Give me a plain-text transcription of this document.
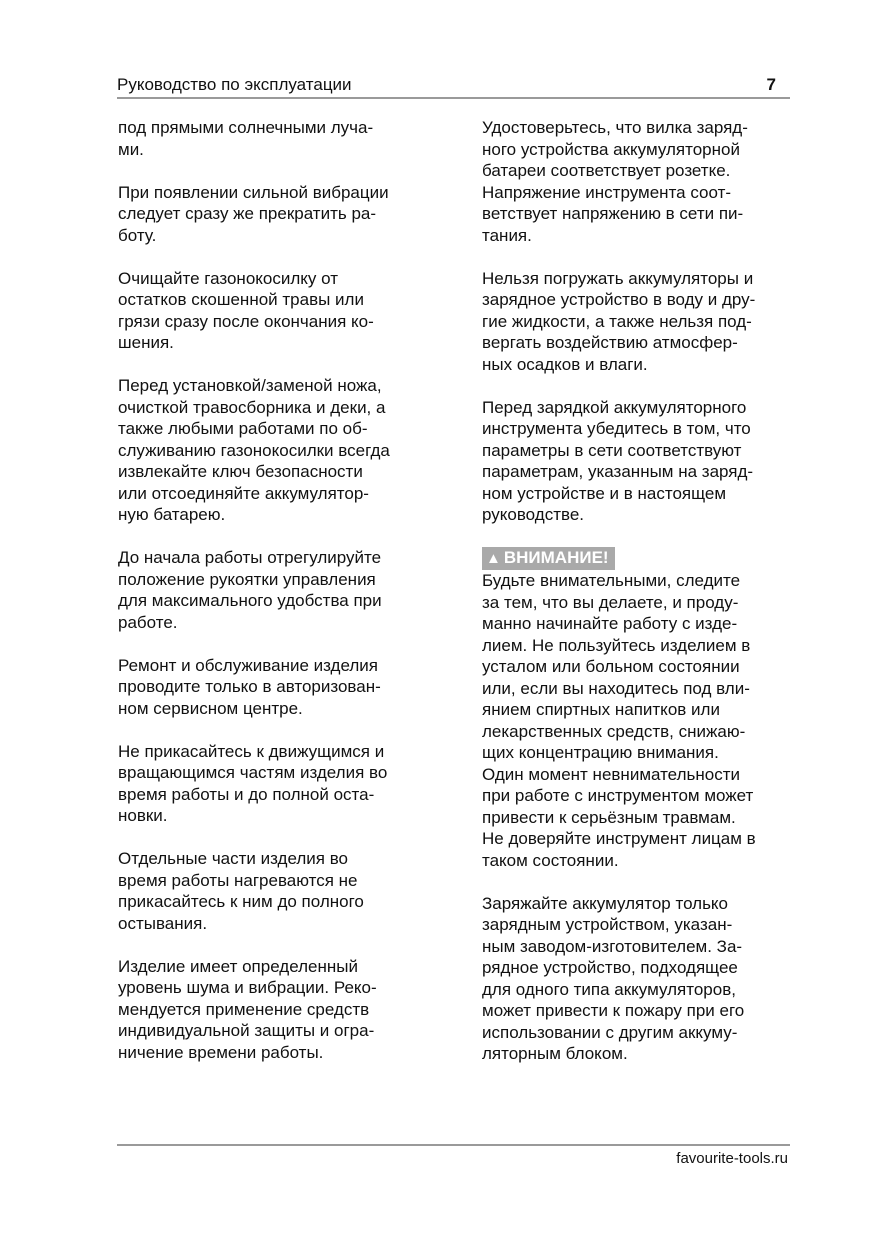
Руководство по эксплуатации	7

под прямыми солнечными луча-
ми.

При появлении сильной вибрации
следует сразу же прекратить ра-
боту.

Очищайте газонокосилку от
остатков скошенной травы или
грязи сразу после окончания ко-
шения.

Перед установкой/заменой ножа,
очисткой травосборника и деки, а
также любыми работами по об-
служиванию газонокосилки всегда
извлекайте ключ безопасности
или отсоединяйте аккумулятор-
ную батарею.

До начала работы отрегулируйте
положение рукоятки управления
для максимального удобства при
работе.

Ремонт и обслуживание изделия
проводите только в авторизован-
ном сервисном центре.

Не прикасайтесь к движущимся и
вращающимся частям изделия во
время работы и до полной оста-
новки.

Отдельные части изделия во
время работы нагреваются не
прикасайтесь к ним до полного
остывания.

Изделие имеет определенный
уровень шума и вибрации. Реко-
мендуется применение средств
индивидуальной защиты и огра-
ничение времени работы.

Удостоверьтесь, что вилка заряд-
ного устройства аккумуляторной
батареи соответствует розетке.
Напряжение инструмента соот-
ветствует напряжению в сети пи-
тания.

Нельзя погружать аккумуляторы и
зарядное устройство в воду и дру-
гие жидкости, а также нельзя под-
вергать воздействию атмосфер-
ных осадков и влаги.

Перед зарядкой аккумуляторного
инструмента убедитесь в том, что
параметры в сети соответствуют
параметрам, указанным на заряд-
ном устройстве и в настоящем
руководстве.

▲ ВНИМАНИЕ!

Будьте внимательными, следите
за тем, что вы делаете, и проду-
манно начинайте работу с изде-
лием. Не пользуйтесь изделием в
усталом или больном состоянии
или, если вы находитесь под вли-
янием спиртных напитков или
лекарственных средств, снижаю-
щих концентрацию внимания.
Один момент невнимательности
при работе с инструментом может
привести к серьёзным травмам.
Не доверяйте инструмент лицам в
таком состоянии.

Заряжайте аккумулятор только
зарядным устройством, указан-
ным заводом-изготовителем. За-
рядное устройство, подходящее
для одного типа аккумуляторов,
может привести к пожару при его
использовании с другим аккуму-
ляторным блоком.

favourite-tools.ru
